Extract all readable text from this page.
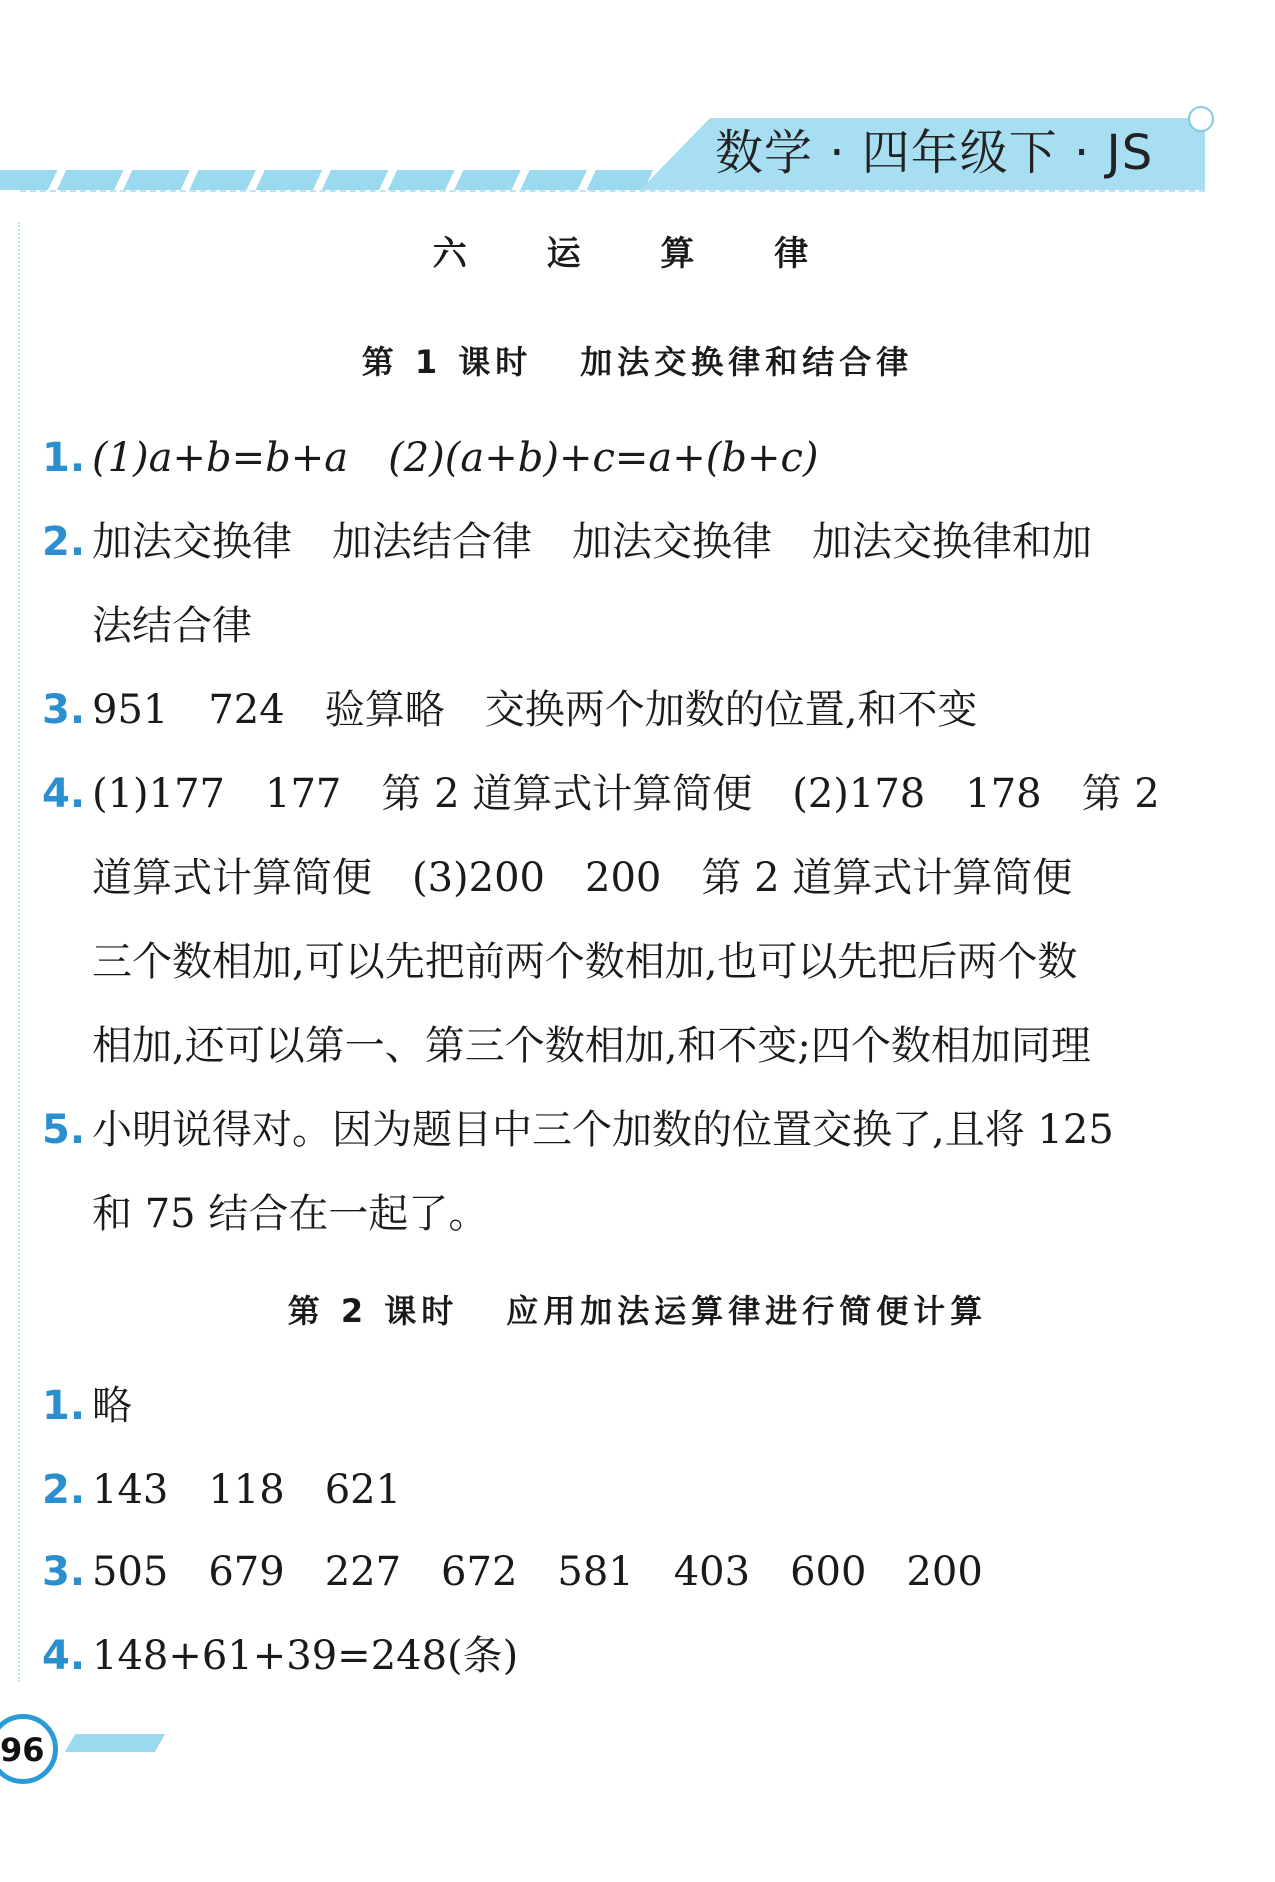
数学 · 四年级下 · JS
六 运 算 律
第 1 课时 加法交换律和结合律
1. (1)a+b=b+a　(2)(a+b)+c=a+(b+c)
2. 加法交换律　加法结合律　加法交换律　加法交换律和加
法结合律
3. 951　724　验算略　交换两个加数的位置,和不变
4. (1)177　177　第 2 道算式计算简便　(2)178　178　第 2
道算式计算简便　(3)200　200　第 2 道算式计算简便
三个数相加,可以先把前两个数相加,也可以先把后两个数
相加,还可以第一、第三个数相加,和不变;四个数相加同理
5. 小明说得对。因为题目中三个加数的位置交换了,且将 125
和 75 结合在一起了。
第 2 课时 应用加法运算律进行简便计算
1. 略
2. 143　118　621
3. 505　679　227　672　581　403　600　200
4. 148+61+39=248(条)
96
